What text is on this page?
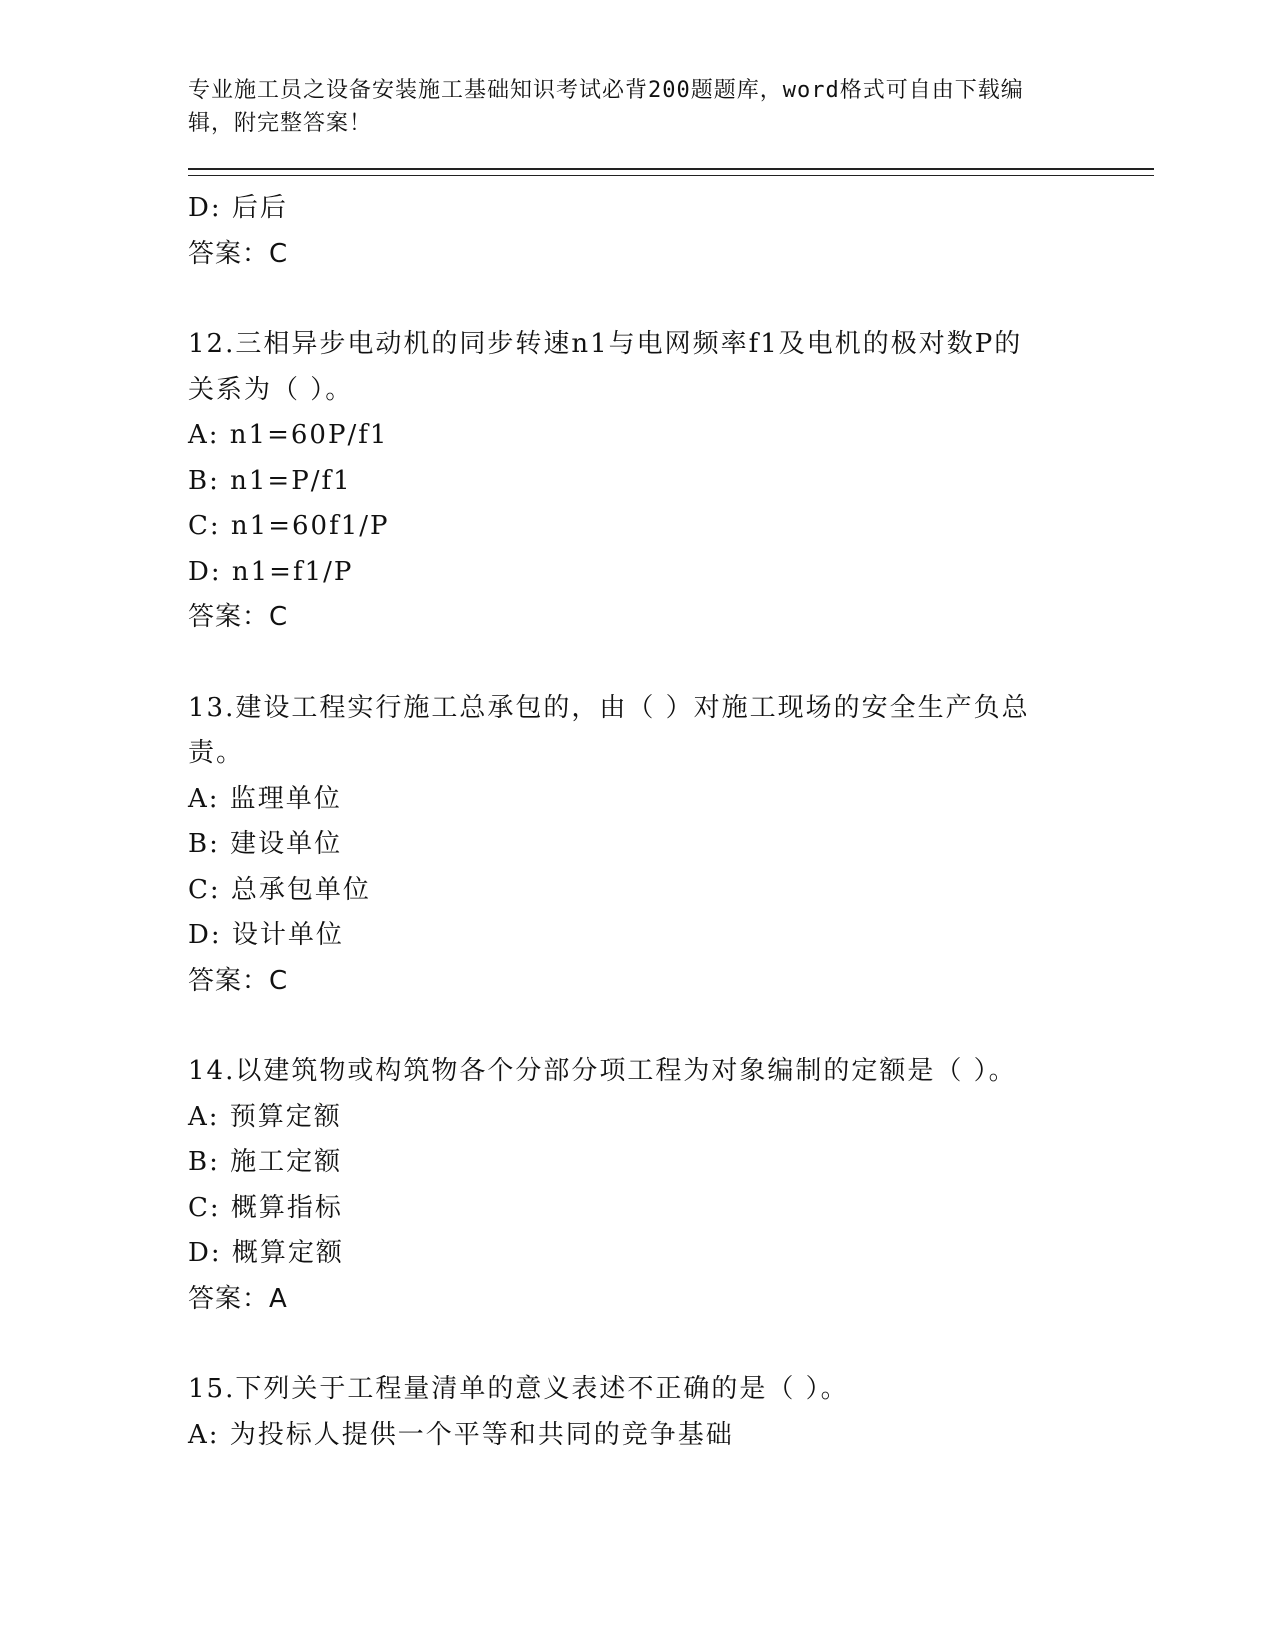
专业施工员之设备安装施工基础知识考试必背200题题库，word格式可自由下载编辑，附完整答案！
D: 后后
答案：C
12.三相异步电动机的同步转速n1与电网频率f1及电机的极对数P的
关系为（ ）。
A: n1=60P/f1
B: n1=P/f1
C: n1=60f1/P
D: n1=f1/P
答案：C
13.建设工程实行施工总承包的，由（ ）对施工现场的安全生产负总
责。
A: 监理单位
B: 建设单位
C: 总承包单位
D: 设计单位
答案：C
14.以建筑物或构筑物各个分部分项工程为对象编制的定额是（ ）。
A: 预算定额
B: 施工定额
C: 概算指标
D: 概算定额
答案：A
15.下列关于工程量清单的意义表述不正确的是（ ）。
A: 为投标人提供一个平等和共同的竞争基础
